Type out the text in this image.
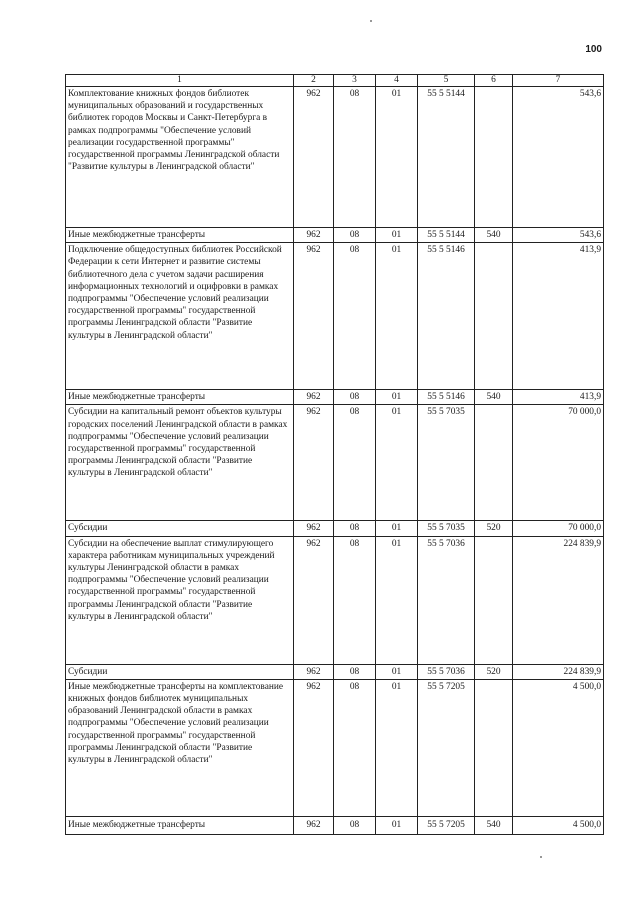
100
1	2	3	4	5	6	7
Комплектование книжных фондов библиотек муниципальных образований и государственных библиотек городов Москвы и Санкт-Петербурга в рамках подпрограммы "Обеспечение условий реализации государственной программы" государственной программы Ленинградской области "Развитие культуры в Ленинградской области"	962	08	01	55 5 5144		543,6
Иные межбюджетные трансферты	962	08	01	55 5 5144	540	543,6
Подключение общедоступных библиотек Российской Федерации к сети Интернет и развитие системы библиотечного дела с учетом задачи расширения информационных технологий и оцифровки в рамках подпрограммы "Обеспечение условий реализации государственной программы" государственной программы Ленинградской области "Развитие культуры в Ленинградской области"	962	08	01	55 5 5146		413,9
Иные межбюджетные трансферты	962	08	01	55 5 5146	540	413,9
Субсидии на капитальный ремонт объектов культуры городских поселений Ленинградской области в рамках подпрограммы "Обеспечение условий реализации государственной программы" государственной программы Ленинградской области "Развитие культуры в Ленинградской области"	962	08	01	55 5 7035		70 000,0
Субсидии	962	08	01	55 5 7035	520	70 000,0
Субсидии на обеспечение выплат стимулирующего характера работникам муниципальных учреждений культуры Ленинградской области в рамках подпрограммы "Обеспечение условий реализации государственной программы" государственной программы Ленинградской области "Развитие культуры в Ленинградской области"	962	08	01	55 5 7036		224 839,9
Субсидии	962	08	01	55 5 7036	520	224 839,9
Иные межбюджетные трансферты на комплектование книжных фондов библиотек муниципальных образований Ленинградской области в рамках подпрограммы "Обеспечение условий реализации государственной программы" государственной программы Ленинградской области "Развитие культуры в Ленинградской области"	962	08	01	55 5 7205		4 500,0
Иные межбюджетные трансферты	962	08	01	55 5 7205	540	4 500,0
